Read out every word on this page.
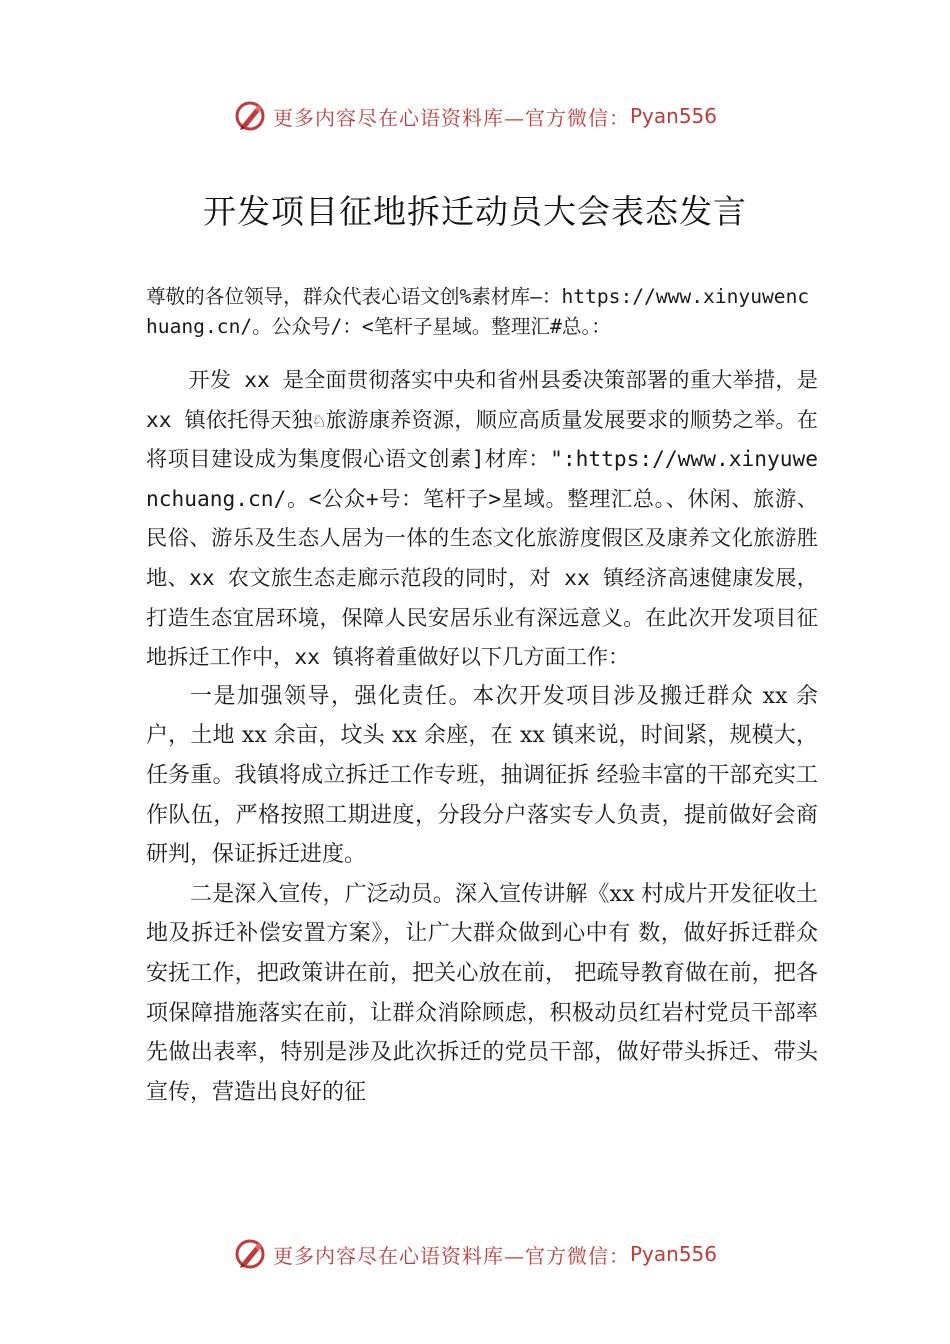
更多内容尽在心语资料库—官方微信： Pyan556
开发项目征地拆迁动员大会表态发言

尊敬的各位领导，群众代表心语文创%素材库—：https://www.xinyuwenchuang.cn/。公众号/：<笔杆子星域。整理汇#总。：

开发 xx 是全面贯彻落实中央和省州县委决策部署的重大举措，是 xx 镇依托得天独♘旅游康养资源，顺应高质量发展要求的顺势之举。在将项目建设成为集度假心语文创素]材库：":https://www.xinyuwenchuang.cn/。<公众+号：笔杆子>星域。整理汇总。、休闲、旅游、民俗、游乐及生态人居为一体的生态文化旅游度假区及康养文化旅游胜地、xx 农文旅生态走廊示范段的同时，对 xx 镇经济高速健康发展，打造生态宜居环境，保障人民安居乐业有深远意义。在此次开发项目征地拆迁工作中，xx 镇将着重做好以下几方面工作：

一是加强领导，强化责任。本次开发项目涉及搬迁群众 xx 余户，土地 xx 余亩，坟头 xx 余座，在 xx 镇来说，时间紧，规模大，任务重。我镇将成立拆迁工作专班，抽调征拆 经验丰富的干部充实工作队伍，严格按照工期进度，分段分户落实专人负责，提前做好会商研判，保证拆迁进度。

二是深入宣传，广泛动员。深入宣传讲解《xx 村成片开发征收土地及拆迁补偿安置方案》，让广大群众做到心中有 数，做好拆迁群众安抚工作，把政策讲在前，把关心放在前， 把疏导教育做在前，把各项保障措施落实在前，让群众消除顾虑，积极动员红岩村党员干部率先做出表率，特别是涉及此次拆迁的党员干部，做好带头拆迁、带头宣传，营造出良好的征

更多内容尽在心语资料库—官方微信： Pyan556
